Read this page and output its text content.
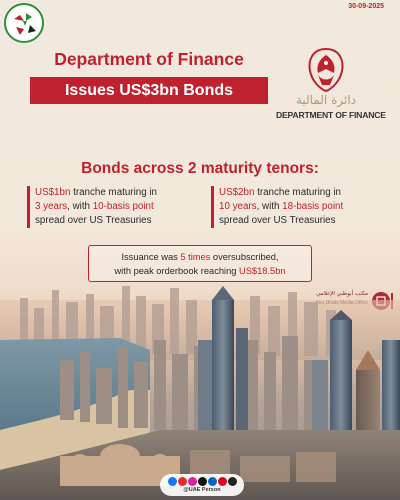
30-09-2025
Department of Finance
Issues US$3bn Bonds
دائرة المالية
DEPARTMENT OF FINANCE
Bonds across 2 maturity tenors:
US$1bn tranche maturing in
3 years, with 10-basis point
spread over US Treasuries
US$2bn tranche maturing in
10 years, with 18-basis point
spread over US Treasuries
Issuance was 5 times oversubscribed,
with peak orderbook reaching US$18.5bn
مكتب أبوظبي الإعلامي
@UAE Person
